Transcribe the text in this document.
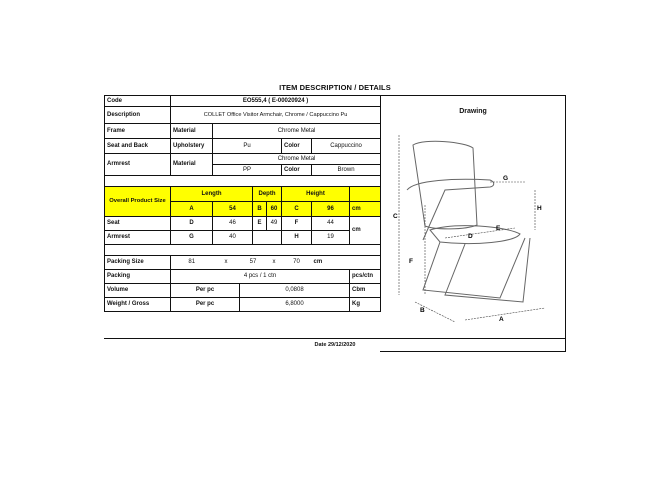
ITEM DESCRIPTION / DETAILS
Code	EO555,4 ( E-00020924 )								
Description	COLLET Office Visitor Armchair, Chrome / Cappuccino Pu								
Frame	Material	Chrome Metal							
Seat and Back	Upholstery	Pu				Color	Cappuccino		
Armrest	Material	Chrome Metal							
		PP				Color	Brown		

Overall Product Size	Length			Depth		Height			
	A	54		B	60	C	96		cm
Seat	D	46		E	49	F	44		cm
Armrest	G	40				H	19		

Packing Size	81	x	57		x	70	cm		
Packing	4 pcs / 1 ctn								pcs/ctn
Volume	Per pc		0,0808						Cbm
Weight / Gross	Per pc		6,8000						Kg
Drawing
C
F
H
G
D
E
B
A
Date 29/12/2020
